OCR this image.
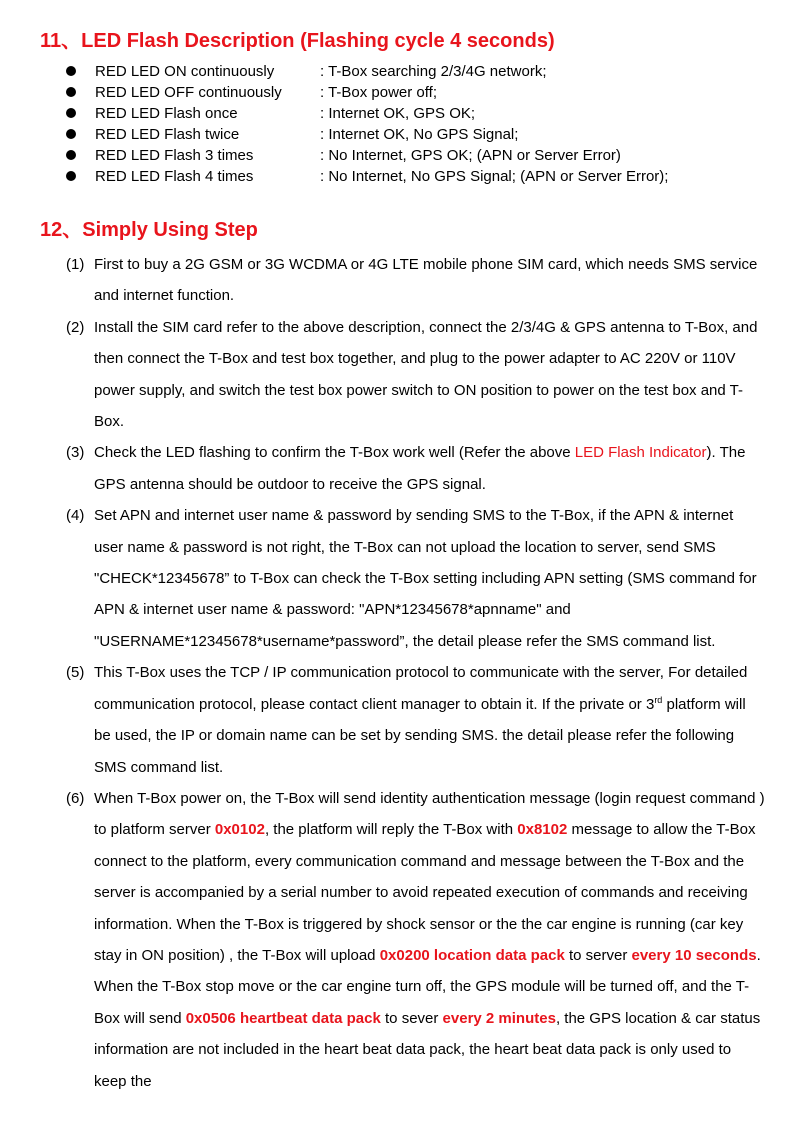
11、LED Flash Description (Flashing cycle 4 seconds)
RED LED ON continuously	: T-Box searching 2/3/4G network;
RED LED OFF continuously	: T-Box power off;
RED LED Flash once	: Internet OK, GPS OK;
RED LED Flash twice	: Internet OK, No GPS Signal;
RED LED Flash 3 times	: No Internet, GPS OK; (APN or Server Error)
RED LED Flash 4 times	: No Internet, No GPS Signal; (APN or Server Error);
12、Simply Using Step

(1) First to buy a 2G GSM or 3G WCDMA or 4G LTE mobile phone SIM card, which needs SMS service and internet function.

(2) Install the SIM card refer to the above description, connect the 2/3/4G & GPS antenna to T-Box, and then connect the T-Box and test box together, and plug to the power adapter to AC 220V or 110V power supply, and switch the test box power switch to ON position to power on the test box and T-Box.

(3) Check the LED flashing to confirm the T-Box work well (Refer the above LED Flash Indicator). The GPS antenna should be outdoor to receive the GPS signal.

(4) Set APN and internet user name & password by sending SMS to the T-Box, if the APN & internet user name & password is not right, the T-Box can not upload the location to server, send SMS "CHECK*12345678” to T-Box can check the T-Box setting including APN setting (SMS command for APN & internet user name & password: "APN*12345678*apnname" and "USERNAME*12345678*username*password”, the detail please refer the SMS command list.

(5) This T-Box uses the TCP / IP communication protocol to communicate with the server, For detailed communication protocol, please contact client manager to obtain it. If the private or 3rd platform will be used, the IP or domain name can be set by sending SMS. the detail please refer the following SMS command list.

(6) When T-Box power on, the T-Box will send identity authentication message (login request command ) to platform server 0x0102, the platform will reply the T-Box with 0x8102 message to allow the T-Box connect to the platform, every communication command and message between the T-Box and the server is accompanied by a serial number to avoid repeated execution of commands and receiving information. When the T-Box is triggered by shock sensor or the the car engine is running (car key stay in ON position) , the T-Box will upload 0x0200 location data pack to server every 10 seconds. When the T-Box stop move or the car engine turn off, the GPS module will be turned off, and the T-Box will send 0x0506 heartbeat data pack to sever every 2 minutes, the GPS location & car status information are not included in the heart beat data pack, the heart beat data pack is only used to keep the
